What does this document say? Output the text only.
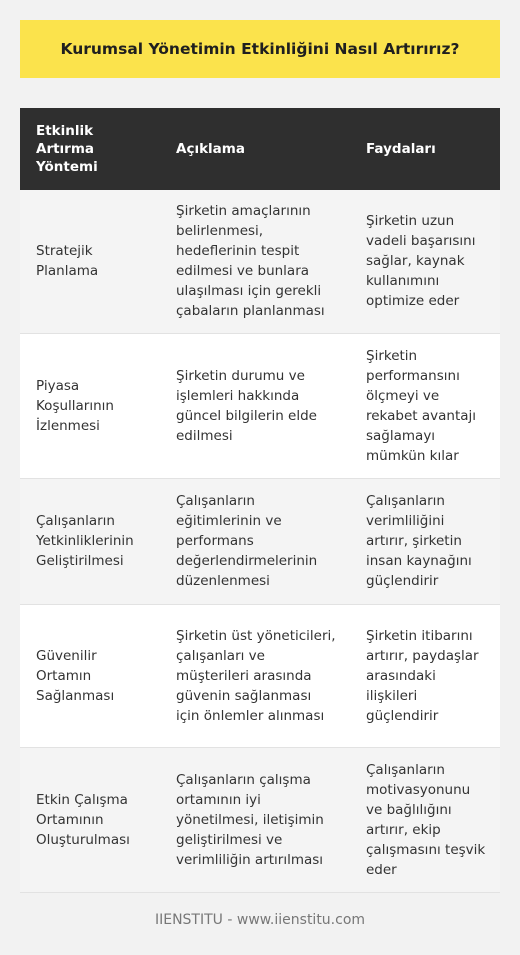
Kurumsal Yönetimin Etkinliğini Nasıl Artırırız?
Etkinlik Artırma Yöntemi	Açıklama	Faydaları
Stratejik Planlama	Şirketin amaçlarının belirlenmesi, hedeflerinin tespit edilmesi ve bunlara ulaşılması için gerekli çabaların planlanması	Şirketin uzun vadeli başarısını sağlar, kaynak kullanımını optimize eder
Piyasa Koşullarının İzlenmesi	Şirketin durumu ve işlemleri hakkında güncel bilgilerin elde edilmesi	Şirketin performansını ölçmeyi ve rekabet avantajı sağlamayı mümkün kılar
Çalışanların Yetkinliklerinin Geliştirilmesi	Çalışanların eğitimlerinin ve performans değerlendirmelerinin düzenlenmesi	Çalışanların verimliliğini artırır, şirketin insan kaynağını güçlendirir
Güvenilir Ortamın Sağlanması	Şirketin üst yöneticileri, çalışanları ve müşterileri arasında güvenin sağlanması için önlemler alınması	Şirketin itibarını artırır, paydaşlar arasındaki ilişkileri güçlendirir
Etkin Çalışma Ortamının Oluşturulması	Çalışanların çalışma ortamının iyi yönetilmesi, iletişimin geliştirilmesi ve verimliliğin artırılması	Çalışanların motivasyonunu ve bağlılığını artırır, ekip çalışmasını teşvik eder
IIENSTITU - www.iienstitu.com
